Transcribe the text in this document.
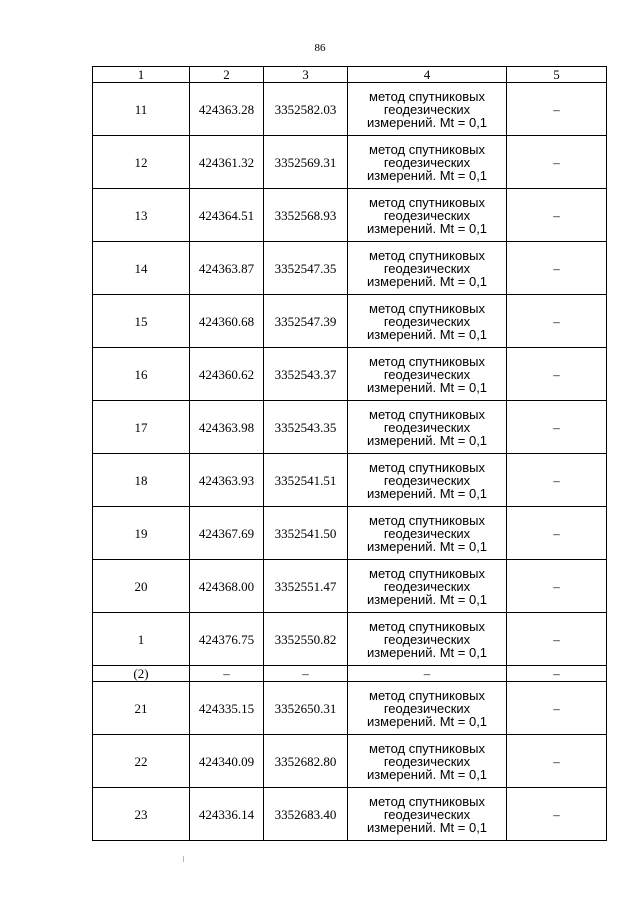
86
1	2	3	4	5
11	424363.28	3352582.03	метод спутниковых
геодезических
измерений. Mt = 0,1	–
12	424361.32	3352569.31	метод спутниковых
геодезических
измерений. Mt = 0,1	–
13	424364.51	3352568.93	метод спутниковых
геодезических
измерений. Mt = 0,1	–
14	424363.87	3352547.35	метод спутниковых
геодезических
измерений. Mt = 0,1	–
15	424360.68	3352547.39	метод спутниковых
геодезических
измерений. Mt = 0,1	–
16	424360.62	3352543.37	метод спутниковых
геодезических
измерений. Mt = 0,1	–
17	424363.98	3352543.35	метод спутниковых
геодезических
измерений. Mt = 0,1	–
18	424363.93	3352541.51	метод спутниковых
геодезических
измерений. Mt = 0,1	–
19	424367.69	3352541.50	метод спутниковых
геодезических
измерений. Mt = 0,1	–
20	424368.00	3352551.47	метод спутниковых
геодезических
измерений. Mt = 0,1	–
1	424376.75	3352550.82	метод спутниковых
геодезических
измерений. Mt = 0,1	–
(2)	–	–	–	–
21	424335.15	3352650.31	метод спутниковых
геодезических
измерений. Mt = 0,1	–
22	424340.09	3352682.80	метод спутниковых
геодезических
измерений. Mt = 0,1	–
23	424336.14	3352683.40	метод спутниковых
геодезических
измерений. Mt = 0,1	–
